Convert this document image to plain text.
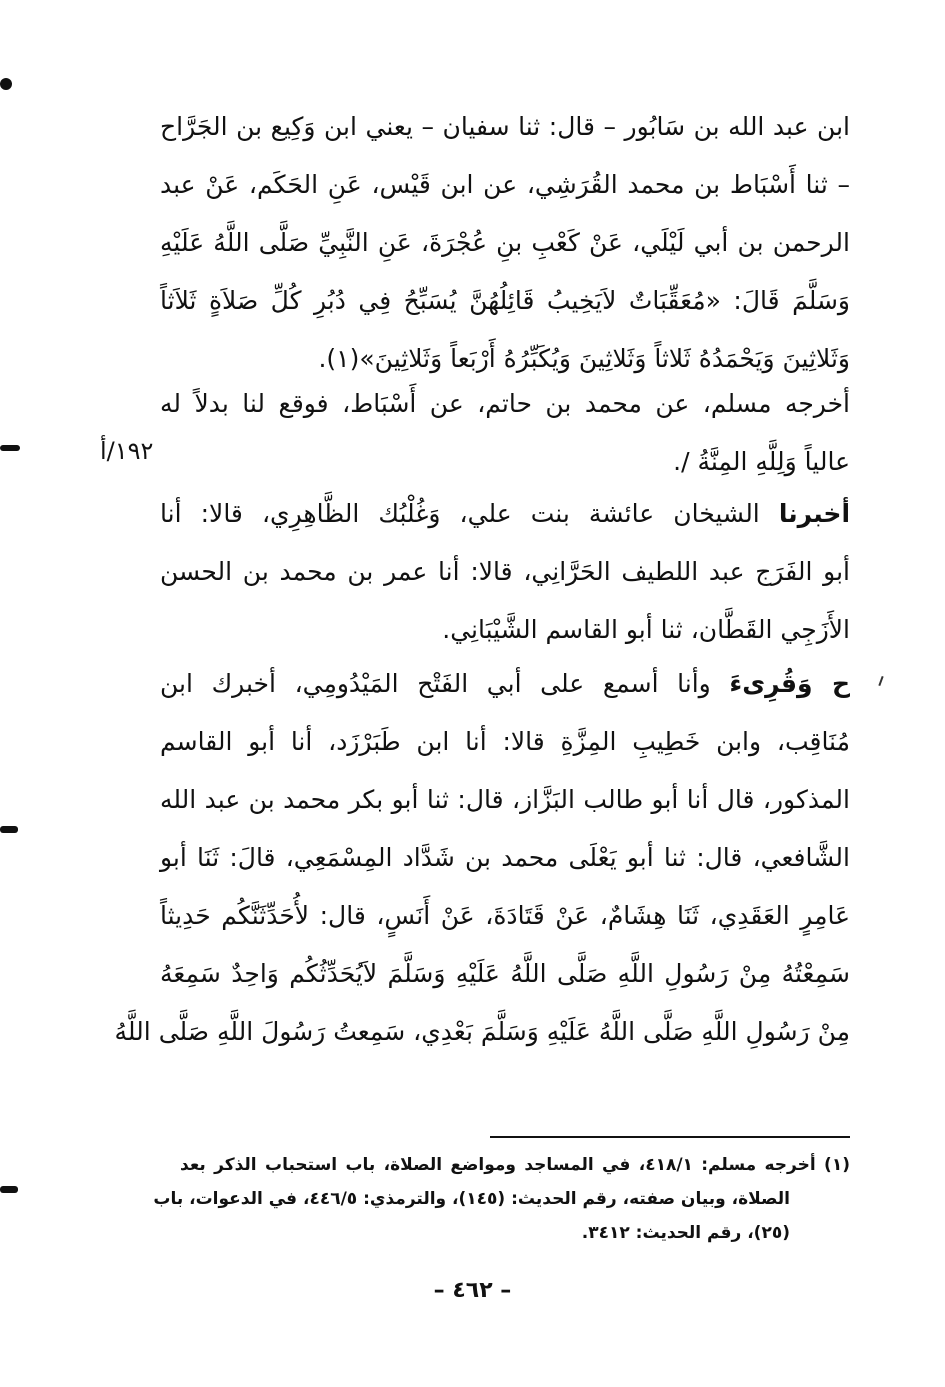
ابن عبد الله بن سَابُور – قال: ثنا سفيان – يعني ابن وَكِيع بن الجَرَّاح
– ثنا أَسْبَاط بن محمد القُرَشِي، عن ابن قَيْس، عَنِ الحَكَم، عَنْ عبد
الرحمن بن أبي لَيْلَي، عَنْ كَعْبِ بنِ عُجْرَةَ، عَنِ النَّبِيِّ صَلَّى اللَّهُ عَلَيْهِ
وَسَلَّمَ قَالَ: «مُعَقِّبَاتٌ لاَيَخِيبُ قَائِلُهُنَّ يُسَبِّحُ فِي دُبُرِ كُلِّ صَلاَةٍ ثَلاَثاً
وَثَلاثِينَ وَيَحْمَدُهُ ثَلاثاً وَثَلاثِينَ وَيُكَبِّرُهُ أَرْبَعاً وَثَلاثِينَ»(١).
أخرجه مسلم، عن محمد بن حاتم، عن أَسْبَاط، فوقع لنا بدلاً له
عالياً وَلِلَّهِ المِنَّةُ /.
١٩٢/أ
أخبرنا الشيخان عائشة بنت علي، وَغُلْبُك الظَّاهِرِي، قالا: أنا
أبو الفَرَج عبد اللطيف الحَرَّانِي، قالا: أنا عمر بن محمد بن الحسن
الأَزَجِي القَطَّان، ثنا أبو القاسم الشَّيْبَانِي.
ح وَقُرِىءَ وأنا أسمع على أبي الفَتْح المَيْدُومِي، أخبرك ابن
مُنَاقِب، وابن خَطِيبِ المِزَّةِ قالا: أنا ابن طَبَرْزَد، أنا أبو القاسم
المذكور، قال أنا أبو طالب البَزَّاز، قال: ثنا أبو بكر محمد بن عبد الله
الشَّافعي، قال: ثنا أبو يَعْلَى محمد بن شَدَّاد المِسْمَعِي، قالَ: ثَنَا أبو
عَامِرٍ العَقَدِي، ثَنَا هِشَامٌ، عَنْ قَتَادَةَ، عَنْ أَنَسٍ، قال: لأُحَدِّثَنَّكُم حَدِيثاً
سَمِعْتُهُ مِنْ رَسُولِ اللَّهِ صَلَّى اللَّهُ عَلَيْهِ وَسَلَّمَ لاَيُحَدِّثُكُم وَاحِدٌ سَمِعَهُ
مِنْ رَسُولِ اللَّهِ صَلَّى اللَّهُ عَلَيْهِ وَسَلَّمَ بَعْدِي، سَمِعتُ رَسُولَ اللَّهِ صَلَّى اللَّهُ
(١) أخرجه مسلم: ٤١٨/١، في المساجد ومواضع الصلاة، باب استحباب الذكر بعد
الصلاة، وبيان صفته، رقم الحديث: (١٤٥)، والترمذي: ٤٤٦/٥، في الدعوات، باب
(٢٥)، رقم الحديث: ٣٤١٢.
– ٤٦٢ –
